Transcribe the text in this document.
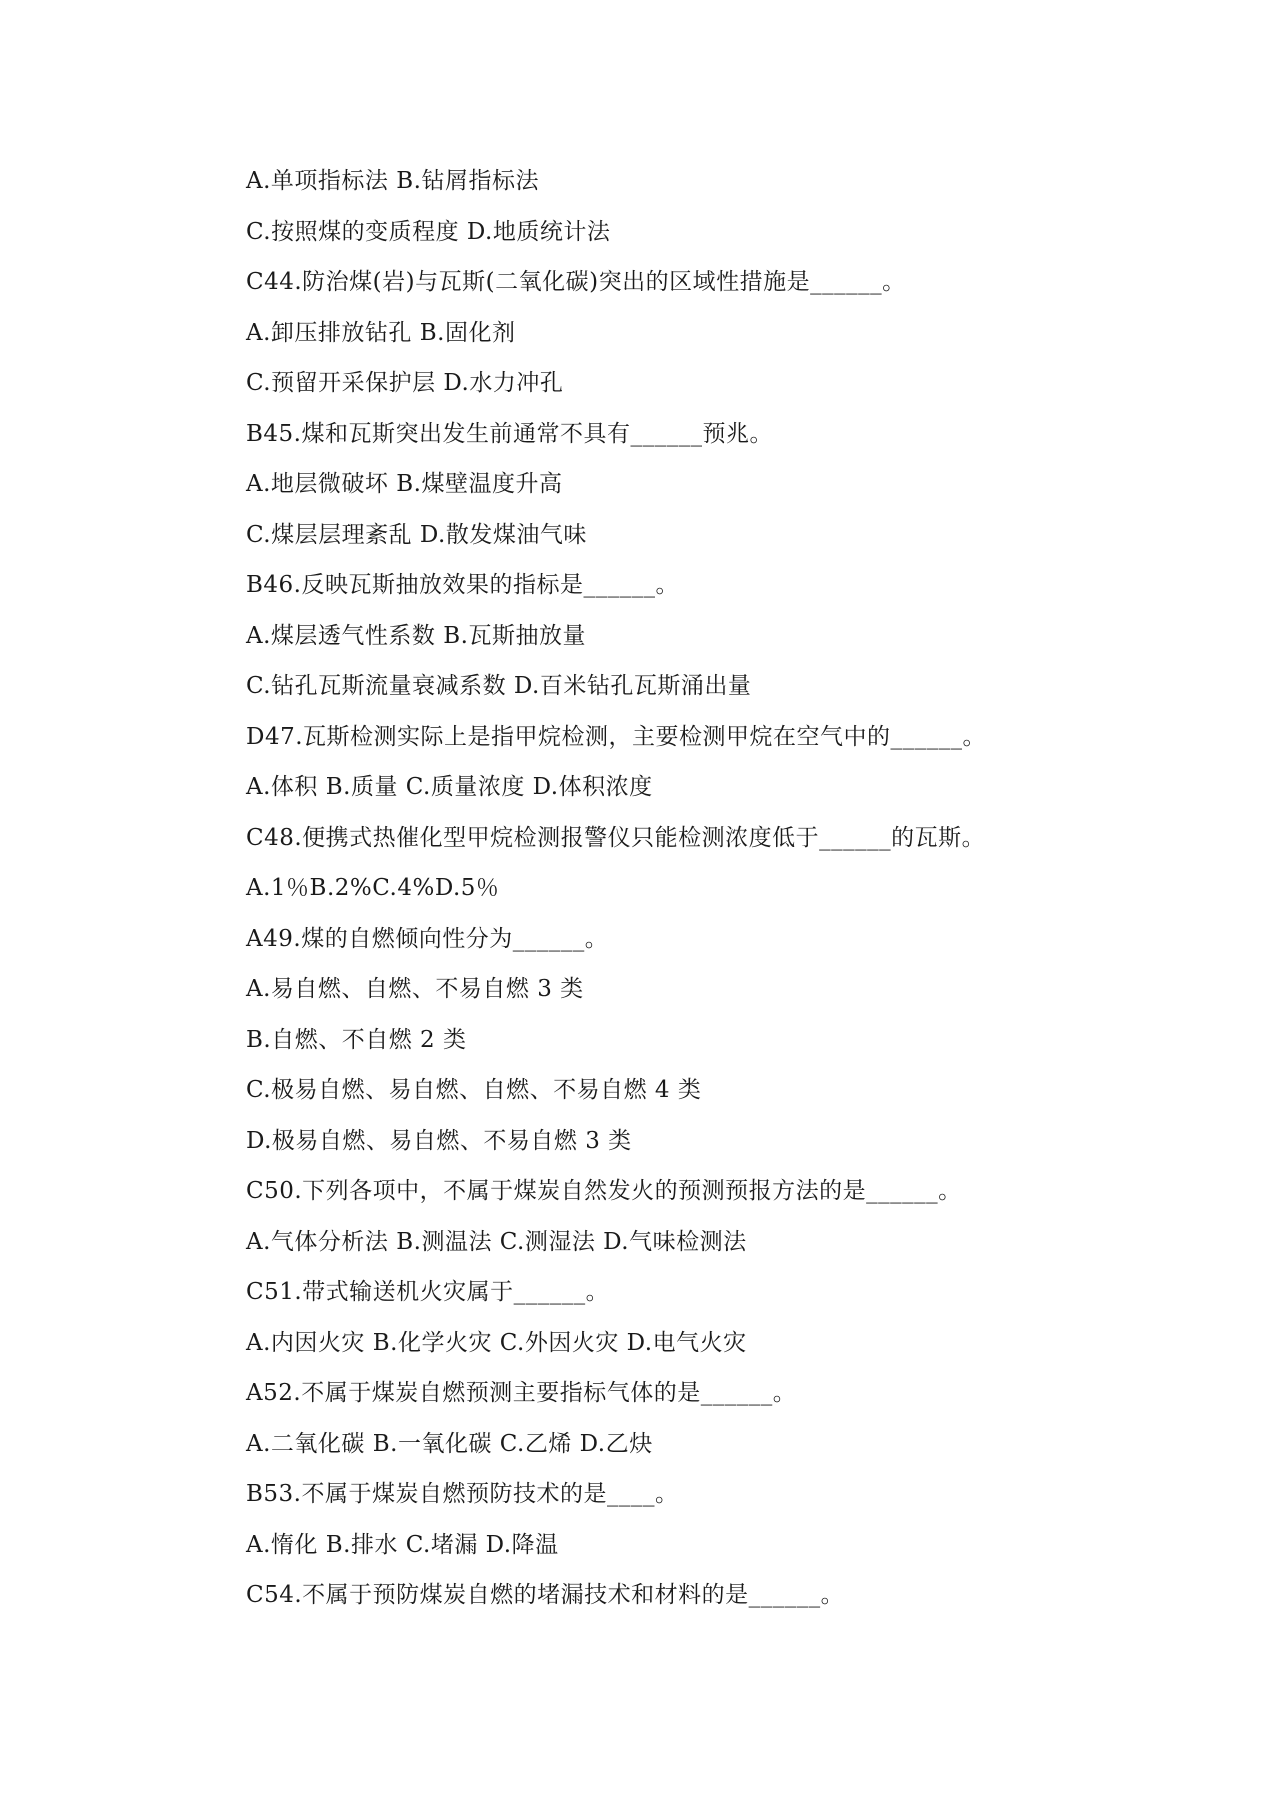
A.单项指标法 B.钻屑指标法
C.按照煤的变质程度 D.地质统计法
C44.防治煤(岩)与瓦斯(二氧化碳)突出的区域性措施是______。
A.卸压排放钻孔 B.固化剂
C.预留开采保护层 D.水力冲孔
B45.煤和瓦斯突出发生前通常不具有______预兆。
A.地层微破坏 B.煤壁温度升高
C.煤层层理紊乱 D.散发煤油气味
B46.反映瓦斯抽放效果的指标是______。
A.煤层透气性系数 B.瓦斯抽放量
C.钻孔瓦斯流量衰减系数 D.百米钻孔瓦斯涌出量
D47.瓦斯检测实际上是指甲烷检测，主要检测甲烷在空气中的______。
A.体积 B.质量 C.质量浓度 D.体积浓度
C48.便携式热催化型甲烷检测报警仪只能检测浓度低于______的瓦斯。
A.1％B.2%C.4%D.5％
A49.煤的自燃倾向性分为______。
A.易自燃、自燃、不易自燃 3 类
B.自燃、不自燃 2 类
C.极易自燃、易自燃、自燃、不易自燃 4 类
D.极易自燃、易自燃、不易自燃 3 类
C50.下列各项中，不属于煤炭自然发火的预测预报方法的是______。
A.气体分析法 B.测温法 C.测湿法 D.气味检测法
C51.带式输送机火灾属于______。
A.内因火灾 B.化学火灾 C.外因火灾 D.电气火灾
A52.不属于煤炭自燃预测主要指标气体的是______。
A.二氧化碳 B.一氧化碳 C.乙烯 D.乙炔
B53.不属于煤炭自燃预防技术的是____。
A.惰化 B.排水 C.堵漏 D.降温
C54.不属于预防煤炭自燃的堵漏技术和材料的是______。
